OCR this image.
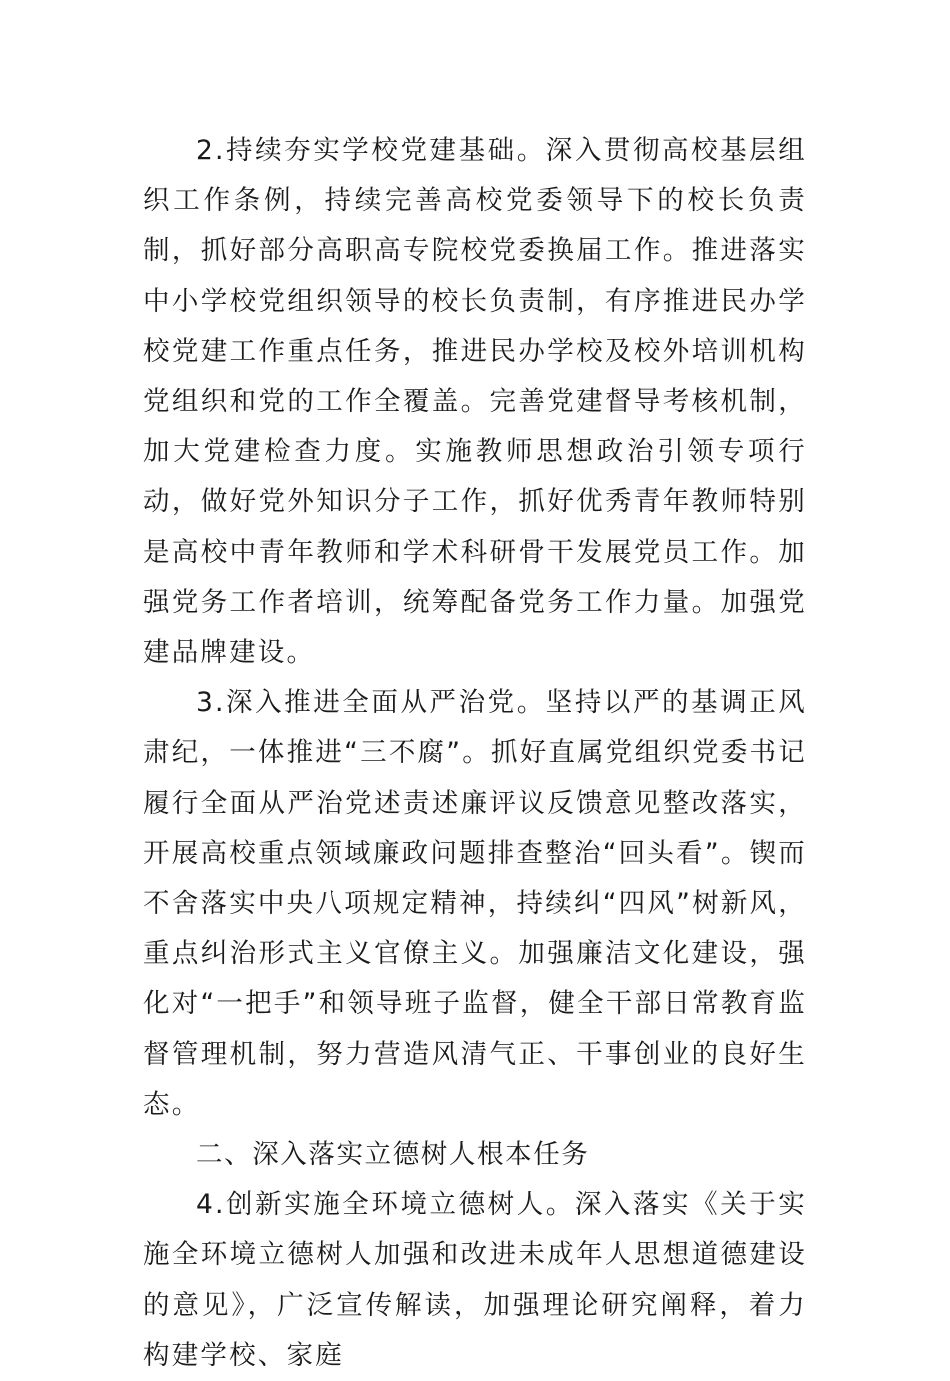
2.持续夯实学校党建基础。深入贯彻高校基层组织工作条例，持续完善高校党委领导下的校长负责制，抓好部分高职高专院校党委换届工作。推进落实中小学校党组织领导的校长负责制，有序推进民办学校党建工作重点任务，推进民办学校及校外培训机构党组织和党的工作全覆盖。完善党建督导考核机制，加大党建检查力度。实施教师思想政治引领专项行动，做好党外知识分子工作，抓好优秀青年教师特别是高校中青年教师和学术科研骨干发展党员工作。加强党务工作者培训，统筹配备党务工作力量。加强党建品牌建设。

3.深入推进全面从严治党。坚持以严的基调正风肃纪，一体推进“三不腐”。抓好直属党组织党委书记履行全面从严治党述责述廉评议反馈意见整改落实，开展高校重点领域廉政问题排查整治“回头看”。锲而不舍落实中央八项规定精神，持续纠“四风”树新风，重点纠治形式主义官僚主义。加强廉洁文化建设，强化对“一把手”和领导班子监督，健全干部日常教育监督管理机制，努力营造风清气正、干事创业的良好生态。

二、深入落实立德树人根本任务

4.创新实施全环境立德树人。深入落实《关于实施全环境立德树人加强和改进未成年人思想道德建设的意见》，广泛宣传解读，加强理论研究阐释，着力构建学校、家庭
